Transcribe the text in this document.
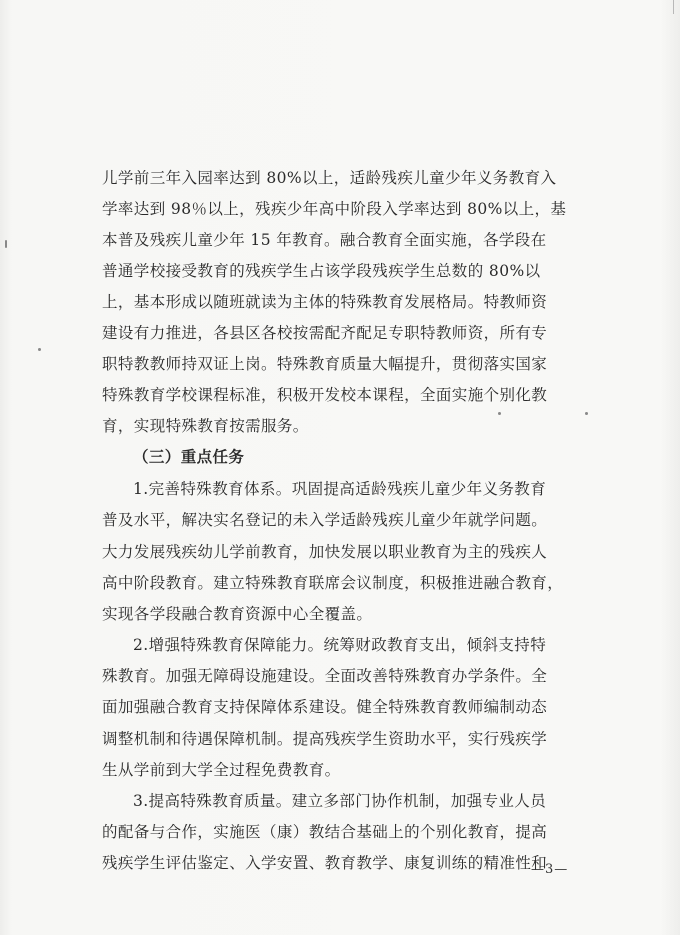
儿学前三年入园率达到 80%以上，适龄残疾儿童少年义务教育入
学率达到 98％以上，残疾少年高中阶段入学率达到 80%以上，基
本普及残疾儿童少年 15 年教育。融合教育全面实施，各学段在
普通学校接受教育的残疾学生占该学段残疾学生总数的 80%以
上，基本形成以随班就读为主体的特殊教育发展格局。特教师资
建设有力推进，各县区各校按需配齐配足专职特教师资，所有专
职特教教师持双证上岗。特殊教育质量大幅提升，贯彻落实国家
特殊教育学校课程标准，积极开发校本课程，全面实施个别化教
育，实现特殊教育按需服务。
（三）重点任务
1.完善特殊教育体系。巩固提高适龄残疾儿童少年义务教育
普及水平，解决实名登记的未入学适龄残疾儿童少年就学问题。
大力发展残疾幼儿学前教育，加快发展以职业教育为主的残疾人
高中阶段教育。建立特殊教育联席会议制度，积极推进融合教育，
实现各学段融合教育资源中心全覆盖。
2.增强特殊教育保障能力。统筹财政教育支出，倾斜支持特
殊教育。加强无障碍设施建设。全面改善特殊教育办学条件。全
面加强融合教育支持保障体系建设。健全特殊教育教师编制动态
调整机制和待遇保障机制。提高残疾学生资助水平，实行残疾学
生从学前到大学全过程免费教育。
3.提高特殊教育质量。建立多部门协作机制，加强专业人员
的配备与合作，实施医（康）教结合基础上的个别化教育，提高
残疾学生评估鉴定、入学安置、教育教学、康复训练的精准性和
—3—
